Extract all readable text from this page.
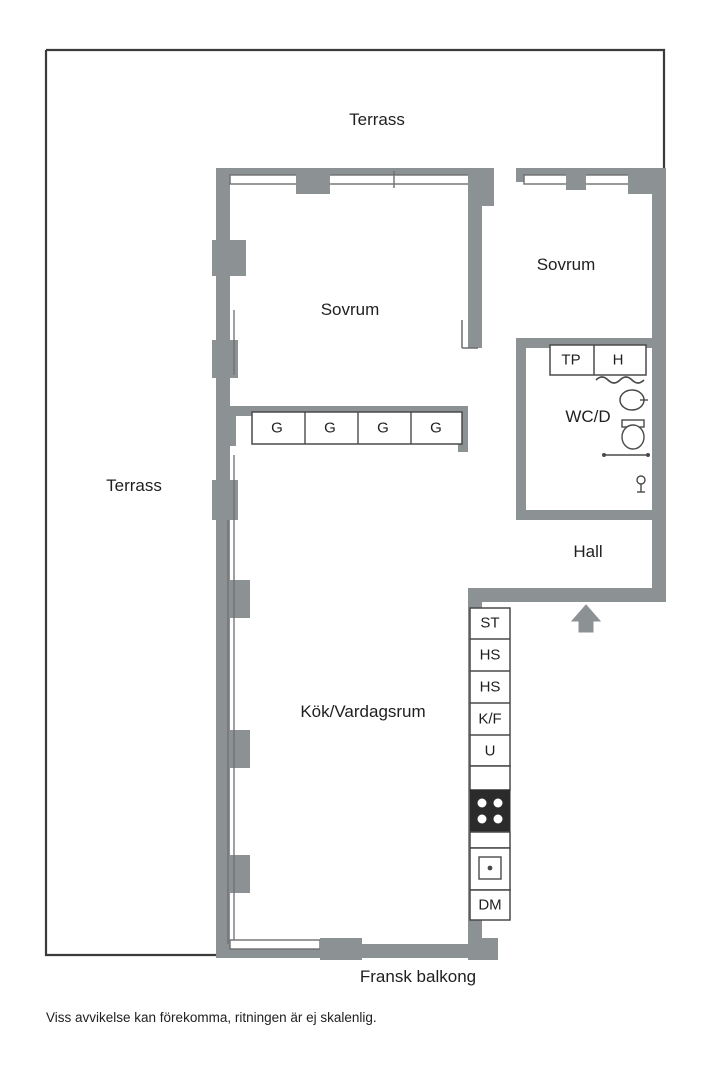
Terrass
Terrass
Sovrum
Sovrum
WC/D
Hall
Kök/Vardagsrum
Fransk balkong
G	G	G	G
TP H
ST
HS
HS
K/F
U
DM
Viss avvikelse kan förekomma, ritningen är ej skalenlig.
